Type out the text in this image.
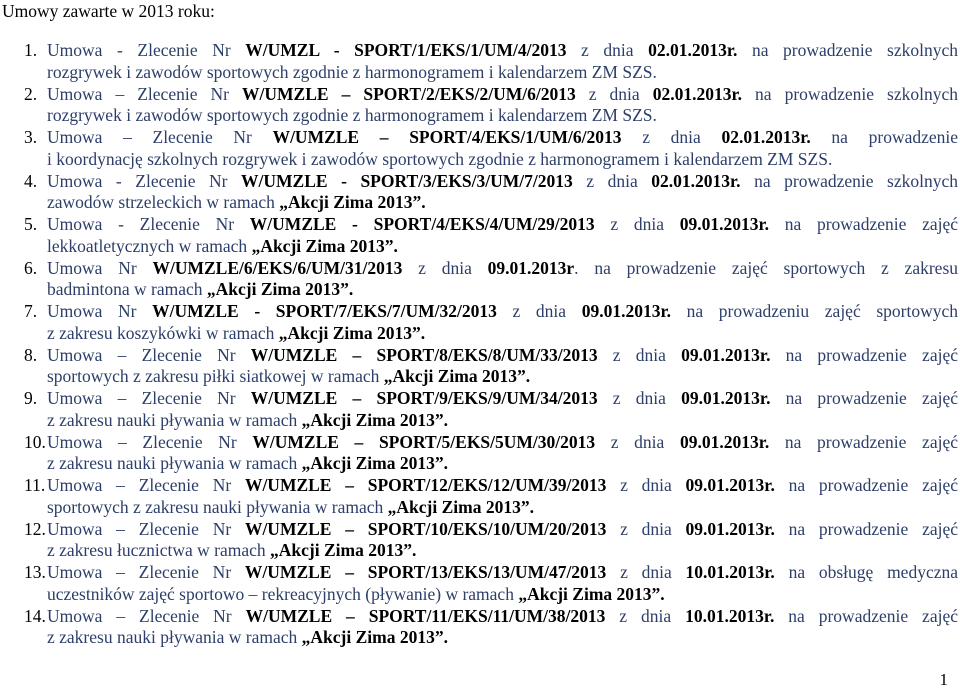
Umowy zawarte w 2013 roku:
1. Umowa - Zlecenie Nr W/UMZL - SPORT/1/EKS/1/UM/4/2013 z dnia 02.01.2013r. na prowadzenie szkolnych
rozgrywek i zawodów sportowych zgodnie z harmonogramem i kalendarzem ZM SZS.
2. Umowa – Zlecenie Nr W/UMZLE – SPORT/2/EKS/2/UM/6/2013 z dnia 02.01.2013r. na prowadzenie szkolnych
rozgrywek i zawodów sportowych zgodnie z harmonogramem i kalendarzem ZM SZS.
3. Umowa – Zlecenie Nr W/UMZLE – SPORT/4/EKS/1/UM/6/2013 z dnia 02.01.2013r. na prowadzenie
i koordynację szkolnych rozgrywek i zawodów sportowych zgodnie z harmonogramem i kalendarzem ZM SZS.
4. Umowa - Zlecenie Nr W/UMZLE - SPORT/3/EKS/3/UM/7/2013 z dnia 02.01.2013r. na prowadzenie szkolnych
zawodów strzeleckich w ramach „Akcji Zima 2013”.
5. Umowa - Zlecenie Nr W/UMZLE - SPORT/4/EKS/4/UM/29/2013 z dnia 09.01.2013r. na prowadzenie zajęć
lekkoatletycznych w ramach „Akcji Zima 2013”.
6. Umowa Nr W/UMZLE/6/EKS/6/UM/31/2013 z dnia 09.01.2013r. na prowadzenie zajęć sportowych z zakresu
badmintona w ramach „Akcji Zima 2013”.
7. Umowa Nr W/UMZLE - SPORT/7/EKS/7/UM/32/2013 z dnia 09.01.2013r. na prowadzeniu zajęć sportowych
z zakresu koszykówki w ramach „Akcji Zima 2013”.
8. Umowa – Zlecenie Nr W/UMZLE – SPORT/8/EKS/8/UM/33/2013 z dnia 09.01.2013r. na prowadzenie zajęć
sportowych z zakresu piłki siatkowej w ramach „Akcji Zima 2013”.
9. Umowa – Zlecenie Nr W/UMZLE – SPORT/9/EKS/9/UM/34/2013 z dnia 09.01.2013r. na prowadzenie zajęć
z zakresu nauki pływania w ramach „Akcji Zima 2013”.
10. Umowa – Zlecenie Nr W/UMZLE – SPORT/5/EKS/5UM/30/2013 z dnia 09.01.2013r. na prowadzenie zajęć
z zakresu nauki pływania w ramach „Akcji Zima 2013”.
11. Umowa – Zlecenie Nr W/UMZLE – SPORT/12/EKS/12/UM/39/2013 z dnia 09.01.2013r. na prowadzenie zajęć
sportowych z zakresu nauki pływania w ramach „Akcji Zima 2013”.
12. Umowa – Zlecenie Nr W/UMZLE – SPORT/10/EKS/10/UM/20/2013 z dnia 09.01.2013r. na prowadzenie zajęć
z zakresu łucznictwa w ramach „Akcji Zima 2013”.
13. Umowa – Zlecenie Nr W/UMZLE – SPORT/13/EKS/13/UM/47/2013 z dnia 10.01.2013r. na obsługę medyczna
uczestników zajęć sportowo – rekreacyjnych (pływanie) w ramach „Akcji Zima 2013”.
14. Umowa – Zlecenie Nr W/UMZLE – SPORT/11/EKS/11/UM/38/2013 z dnia 10.01.2013r. na prowadzenie zajęć
z zakresu nauki pływania w ramach „Akcji Zima 2013”.
1
